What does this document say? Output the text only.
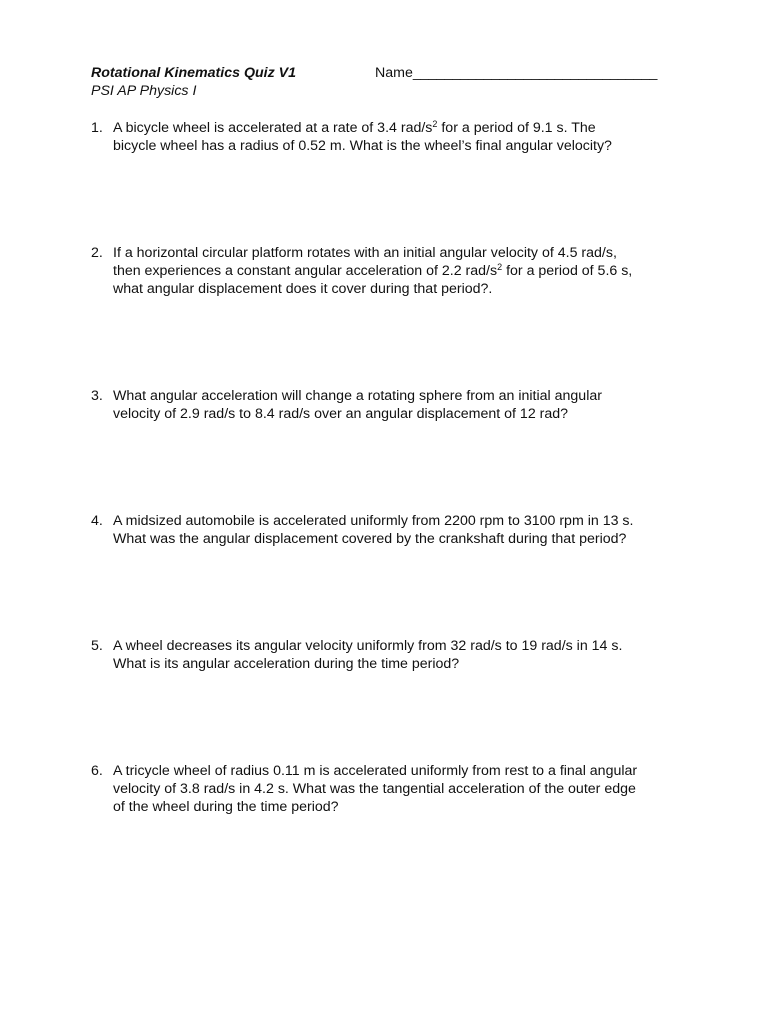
Rotational Kinematics Quiz V1	Name_______________________________
PSI AP Physics I
1. A bicycle wheel is accelerated at a rate of 3.4 rad/$s^2$ for a period of 9.1 s. The
bicycle wheel has a radius of 0.52 m. What is the wheel’s final angular velocity?
2. If a horizontal circular platform rotates with an initial angular velocity of 4.5 rad/s,
then experiences a constant angular acceleration of 2.2 rad/$s^2$ for a period of 5.6 s,
what angular displacement does it cover during that period?.
3. What angular acceleration will change a rotating sphere from an initial angular
velocity of 2.9 rad/s to 8.4 rad/s over an angular displacement of 12 rad?
4. A midsized automobile is accelerated uniformly from 2200 rpm to 3100 rpm in 13 s.
What was the angular displacement covered by the crankshaft during that period?
5. A wheel decreases its angular velocity uniformly from 32 rad/s to 19 rad/s in 14 s.
What is its angular acceleration during the time period?
6. A tricycle wheel of radius 0.11 m is accelerated uniformly from rest to a final angular
velocity of 3.8 rad/s in 4.2 s. What was the tangential acceleration of the outer edge
of the wheel during the time period?
